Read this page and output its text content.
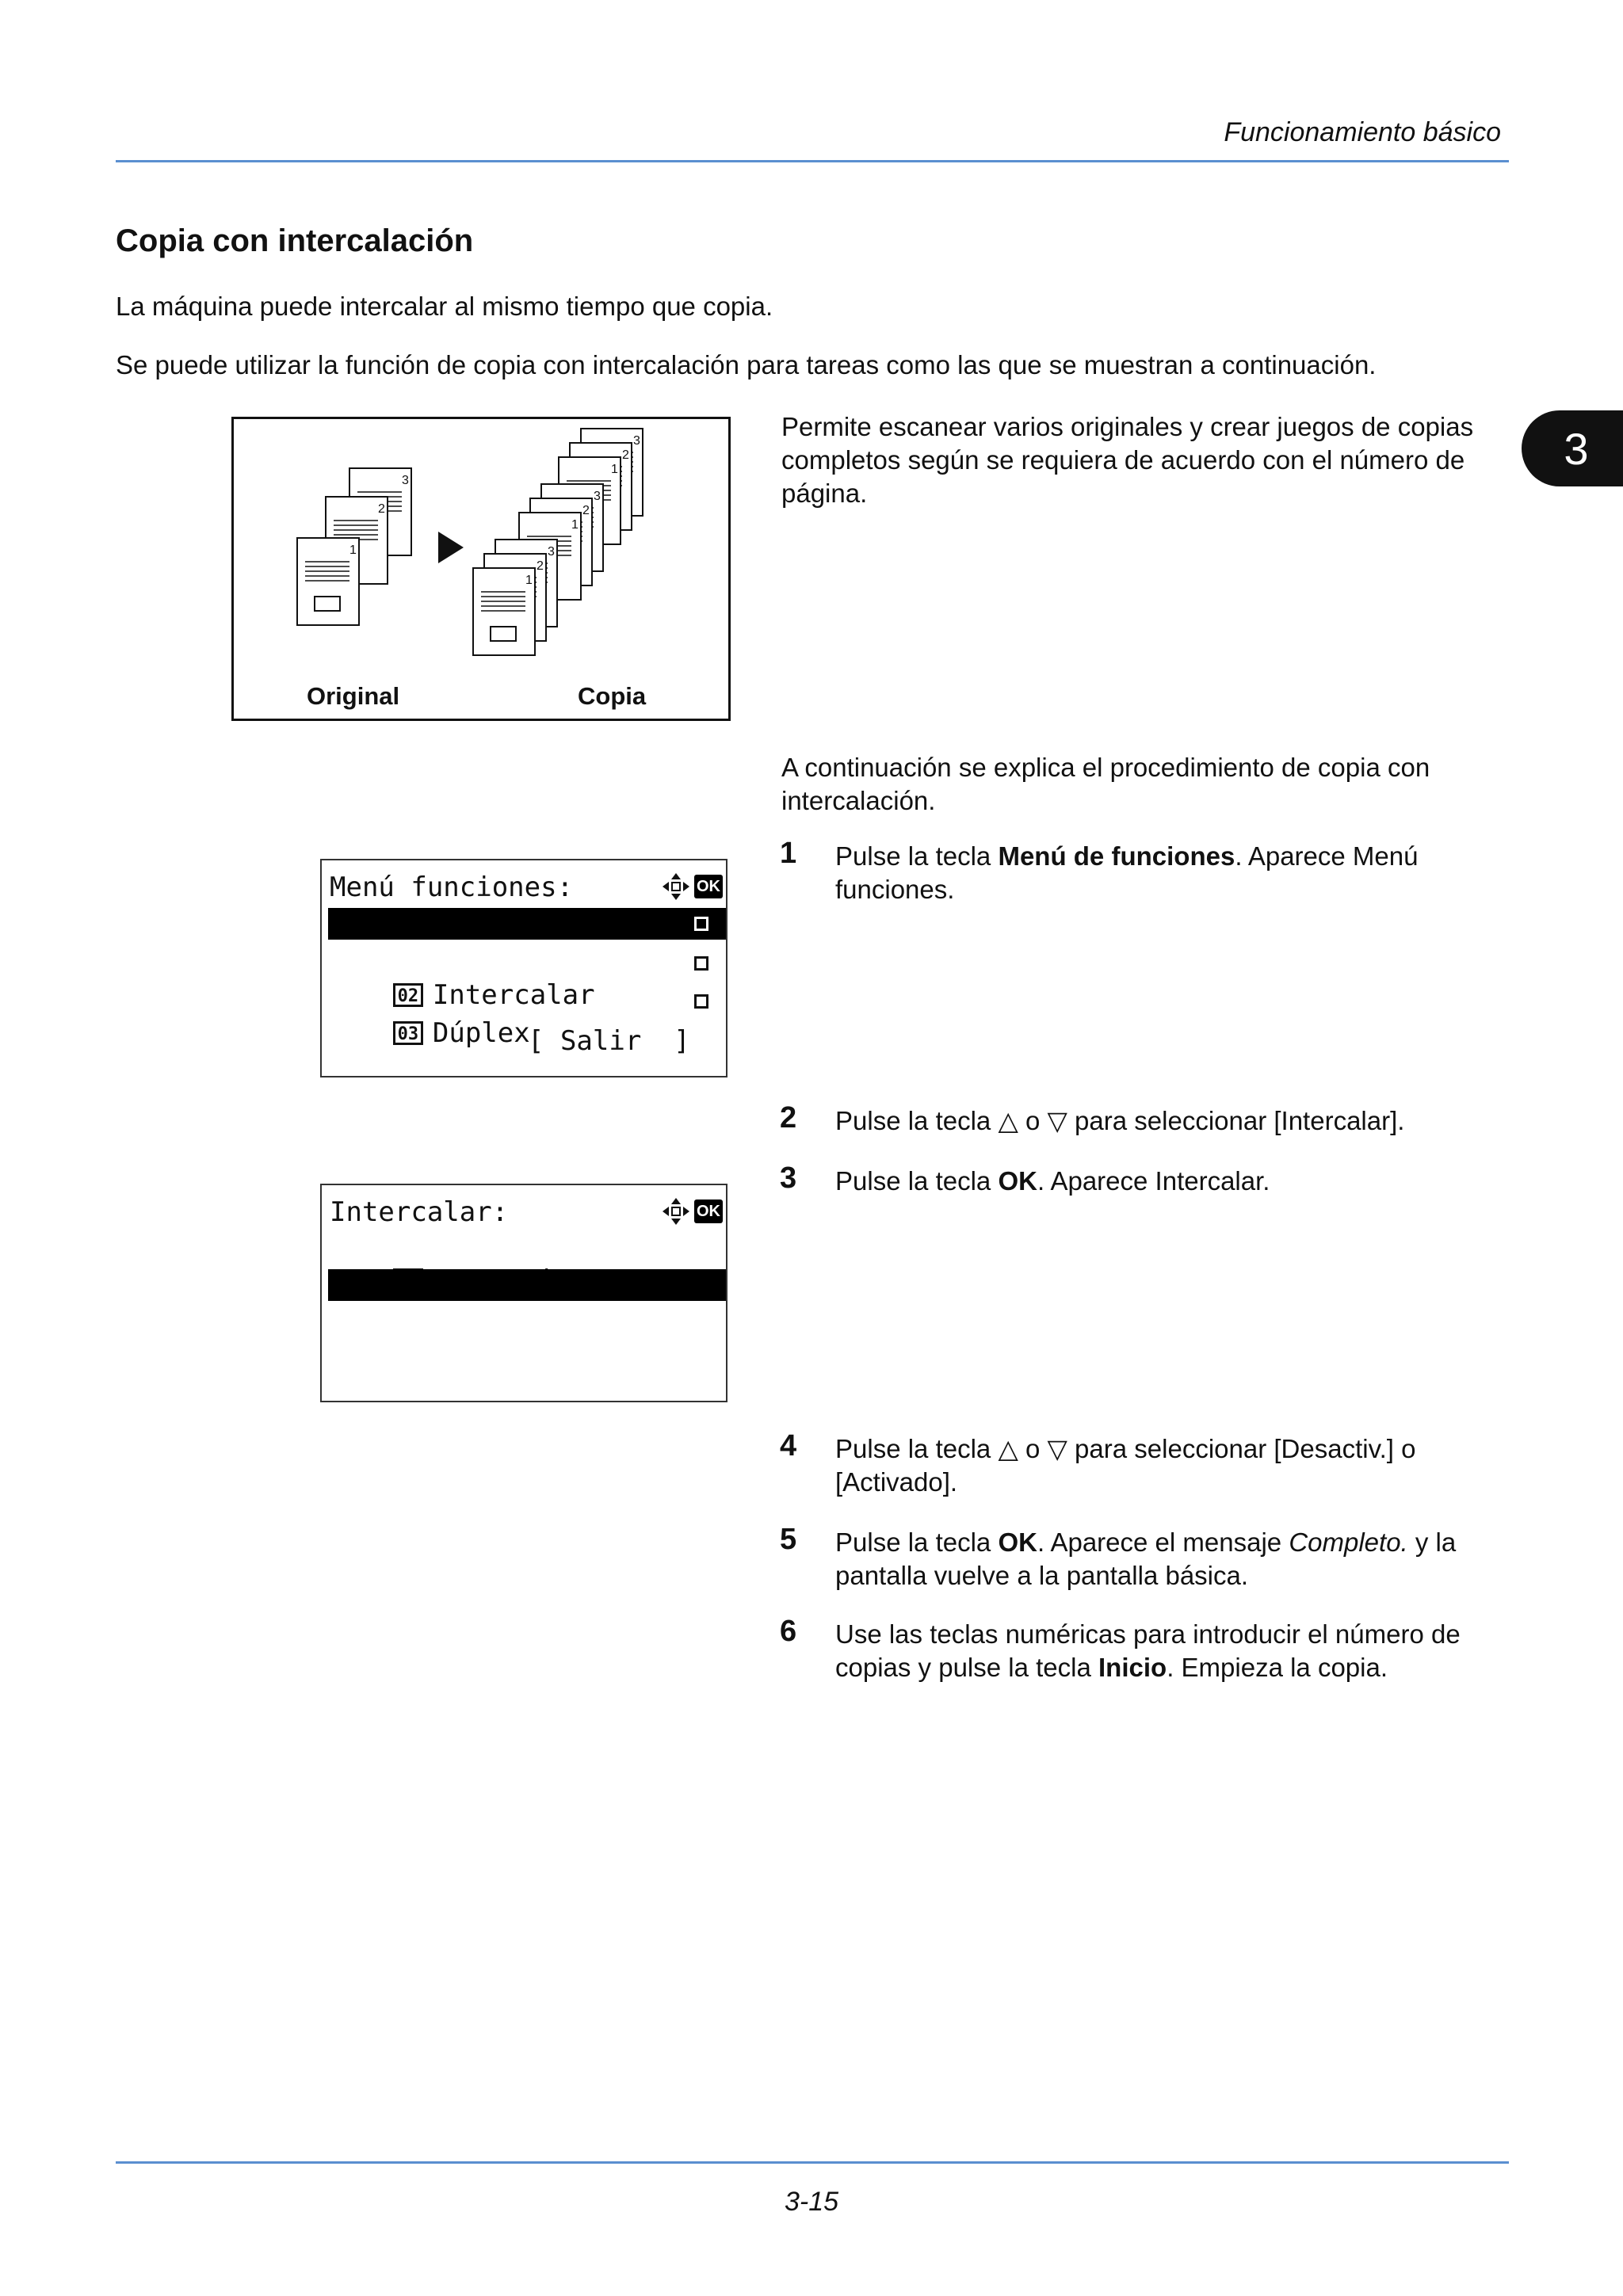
Funcionamiento básico
3
Copia con intercalación
La máquina puede intercalar al mismo tiempo que copia.
Se puede utilizar la función de copia con intercalación para tareas como las que se muestran a continuación.
3
2
1
3
2
1
3
2
1
3
2
1
Original	Copia
Permite escanear varios originales y crear juegos de copias completos según se requiera de acuerdo con el número de página.
A continuación se explica el procedimiento de copia con intercalación.
Menú funciones:	OK

01 Selección papel

02 Intercalar

03 Dúplex

[ Salir  ]
Intercalar:	OK

02 *Activado

1 Pulse la tecla Menú de funciones. Aparece Menú funciones.
2 Pulse la tecla △ o ▽ para seleccionar [Intercalar].
3 Pulse la tecla OK. Aparece Intercalar.
4 Pulse la tecla △ o ▽ para seleccionar [Desactiv.] o [Activado].
5 Pulse la tecla OK. Aparece el mensaje Completo. y la pantalla vuelve a la pantalla básica.
6 Use las teclas numéricas para introducir el número de copias y pulse la tecla Inicio. Empieza la copia.
3-15
